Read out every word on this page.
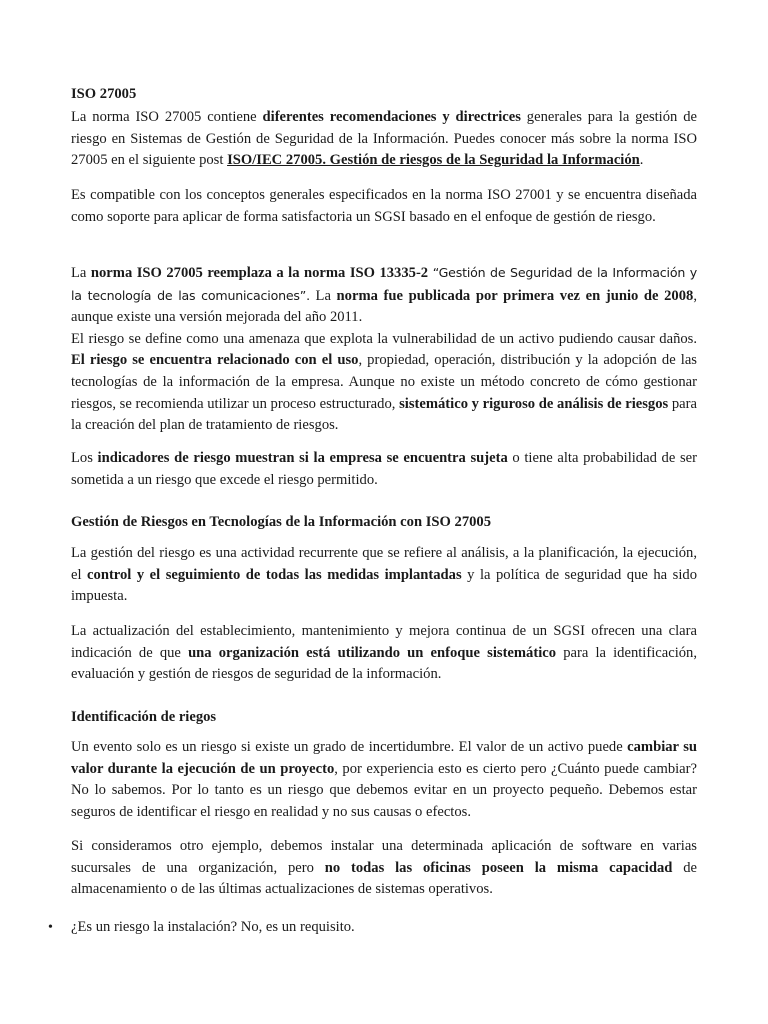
ISO 27005

La norma ISO 27005 contiene diferentes recomendaciones y directrices generales para la gestión de riesgo en Sistemas de Gestión de Seguridad de la Información. Puedes conocer más sobre la norma ISO 27005 en el siguiente post ISO/IEC 27005. Gestión de riesgos de la Seguridad la Información.

Es compatible con los conceptos generales especificados en la norma ISO 27001 y se encuentra diseñada como soporte para aplicar de forma satisfactoria un SGSI basado en el enfoque de gestión de riesgo.

La norma ISO 27005 reemplaza a la norma ISO 13335-2 “Gestión de Seguridad de la Información y la tecnología de las comunicaciones”. La norma fue publicada por primera vez en junio de 2008, aunque existe una versión mejorada del año 2011.
El riesgo se define como una amenaza que explota la vulnerabilidad de un activo pudiendo causar daños. El riesgo se encuentra relacionado con el uso, propiedad, operación, distribución y la adopción de las tecnologías de la información de la empresa. Aunque no existe un método concreto de cómo gestionar riesgos, se recomienda utilizar un proceso estructurado, sistemático y riguroso de análisis de riesgos para la creación del plan de tratamiento de riesgos.

Los indicadores de riesgo muestran si la empresa se encuentra sujeta o tiene alta probabilidad de ser sometida a un riesgo que excede el riesgo permitido.

Gestión de Riesgos en Tecnologías de la Información con ISO 27005

La gestión del riesgo es una actividad recurrente que se refiere al análisis, a la planificación, la ejecución, el control y el seguimiento de todas las medidas implantadas y la política de seguridad que ha sido impuesta.

La actualización del establecimiento, mantenimiento y mejora continua de un SGSI ofrecen una clara indicación de que una organización está utilizando un enfoque sistemático para la identificación, evaluación y gestión de riesgos de seguridad de la información.

Identificación de riegos

Un evento solo es un riesgo si existe un grado de incertidumbre. El valor de un activo puede cambiar su valor durante la ejecución de un proyecto, por experiencia esto es cierto pero ¿Cuánto puede cambiar? No lo sabemos. Por lo tanto es un riesgo que debemos evitar en un proyecto pequeño. Debemos estar seguros de identificar el riesgo en realidad y no sus causas o efectos.

Si consideramos otro ejemplo, debemos instalar una determinada aplicación de software en varias sucursales de una organización, pero no todas las oficinas poseen la misma capacidad de almacenamiento o de las últimas actualizaciones de sistemas operativos.

•	¿Es un riesgo la instalación? No, es un requisito.
